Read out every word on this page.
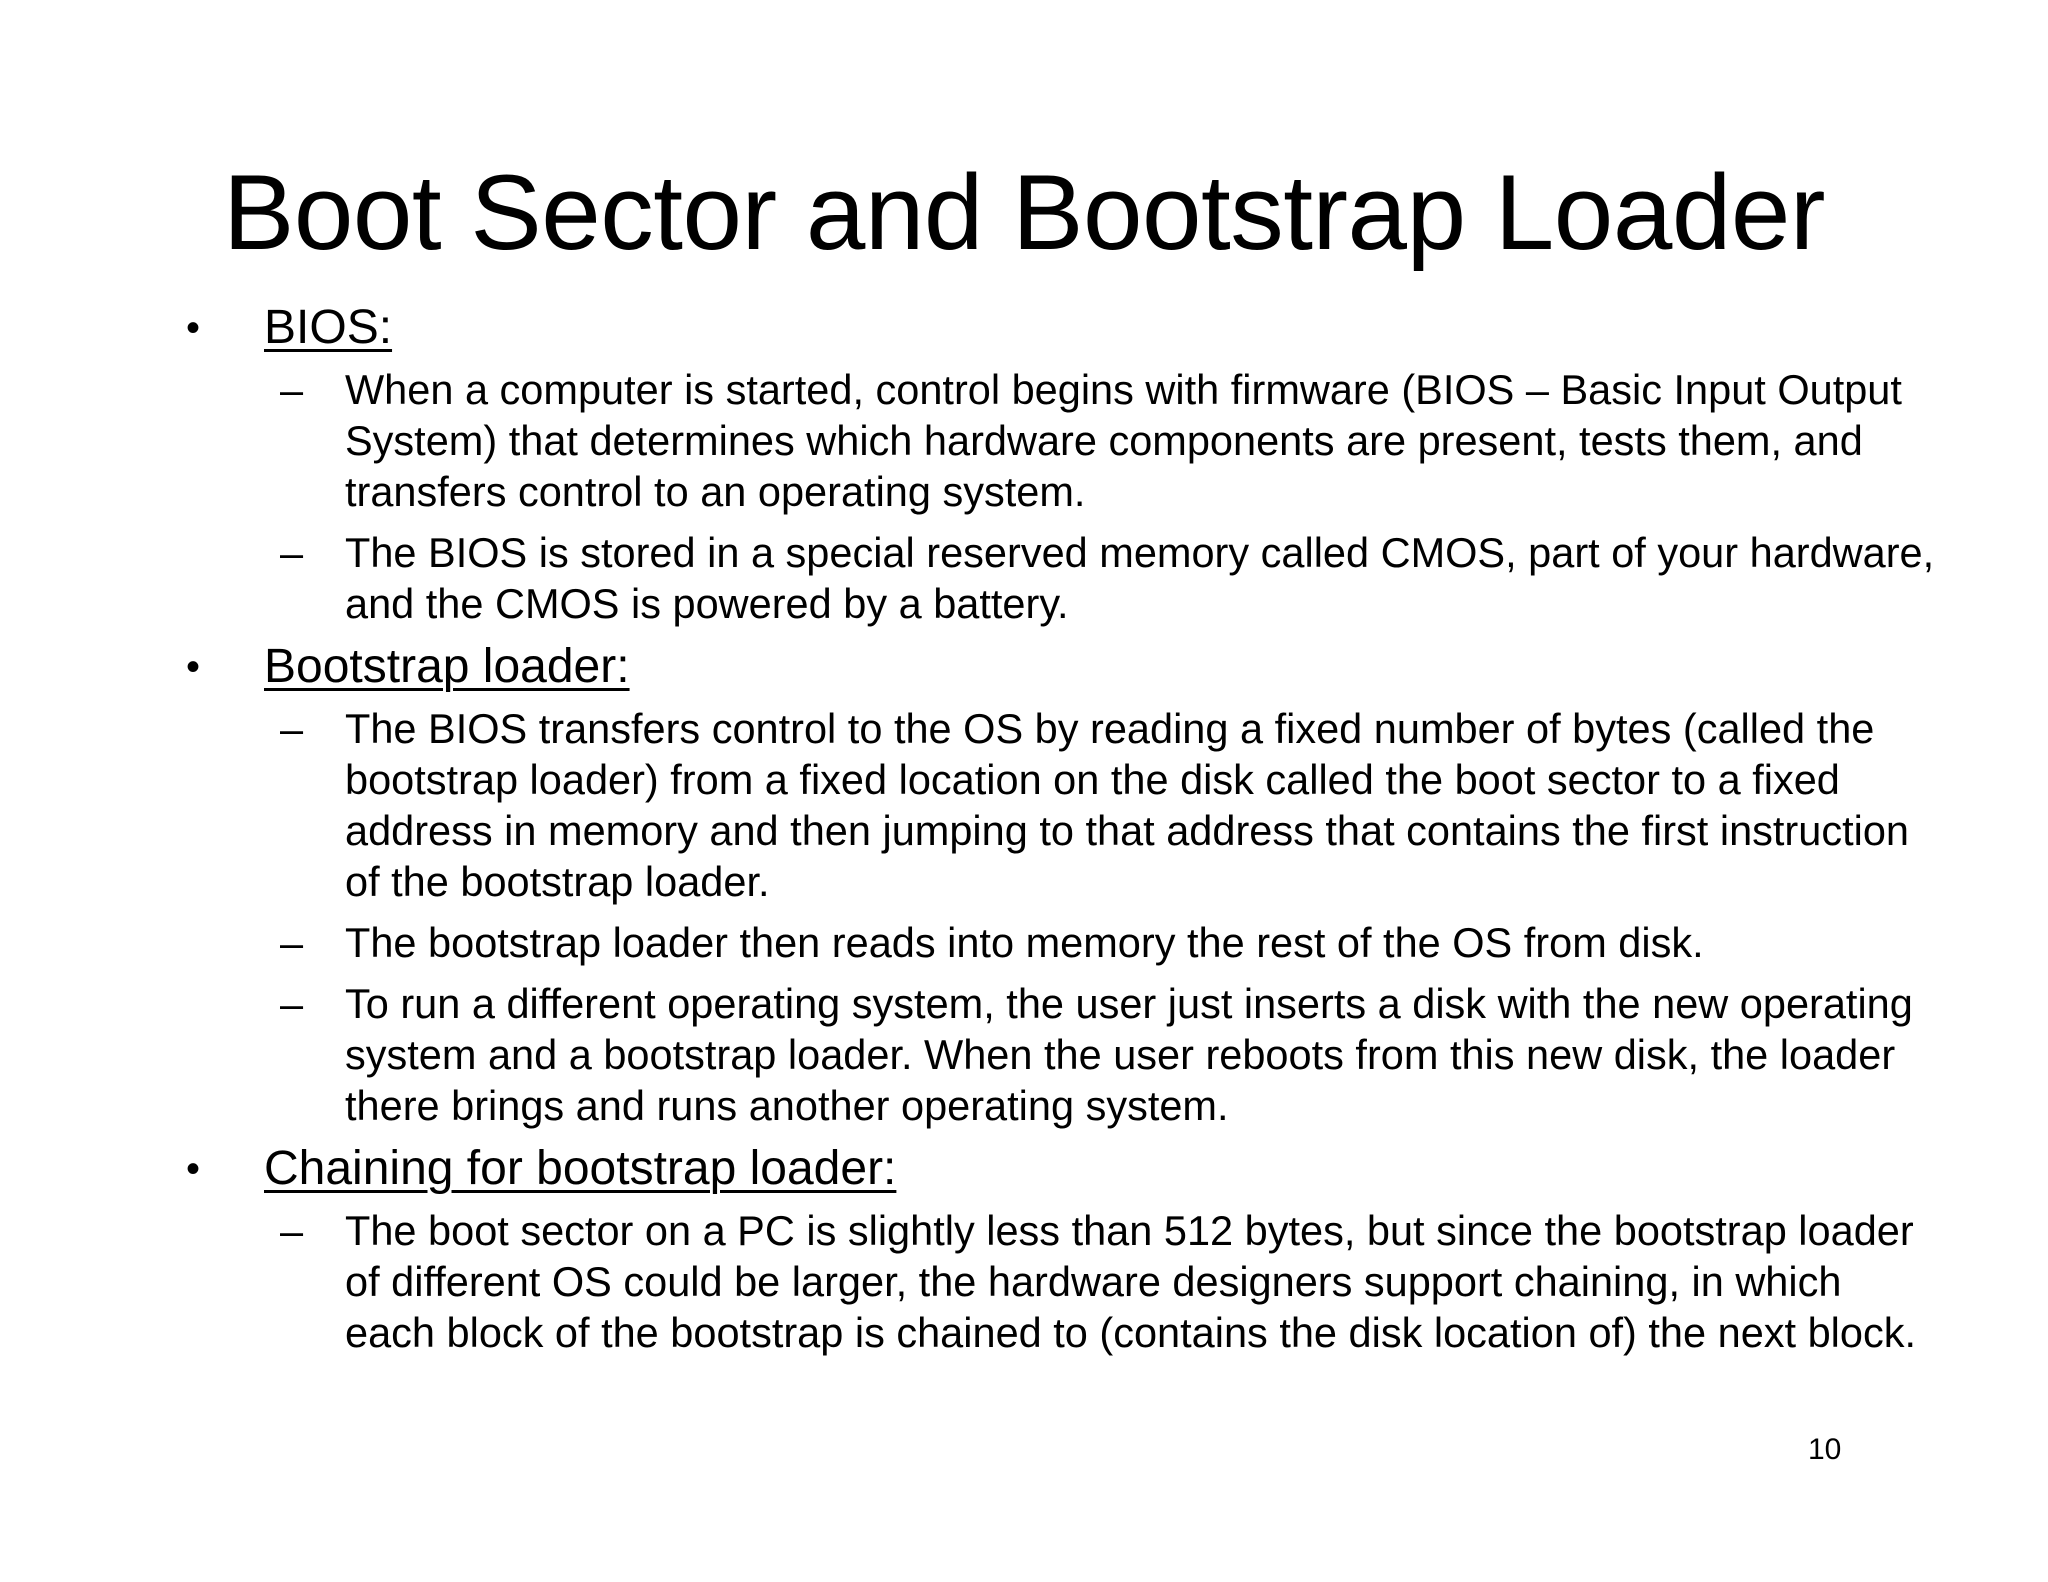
Boot Sector and Bootstrap Loader
• BIOS:
– When a computer is started, control begins with firmware (BIOS – Basic Input Output System) that determines which hardware components are present, tests them, and transfers control to an operating system.
– The BIOS is stored in a special reserved memory called CMOS, part of your hardware, and the CMOS is powered by a battery.
• Bootstrap loader:
– The BIOS transfers control to the OS by reading a fixed number of bytes (called the bootstrap loader) from a fixed location on the disk called the boot sector to a fixed address in memory and then jumping to that address that contains the first instruction of the bootstrap loader.
– The bootstrap loader then reads into memory the rest of the OS from disk.
– To run a different operating system, the user just inserts a disk with the new operating system and a bootstrap loader. When the user reboots from this new disk, the loader there brings and runs another operating system.
• Chaining for bootstrap loader:
– The boot sector on a PC is slightly less than 512 bytes, but since the bootstrap loader of different OS could be larger, the hardware designers support chaining, in which each block of the bootstrap is chained to (contains the disk location of) the next block.
10
